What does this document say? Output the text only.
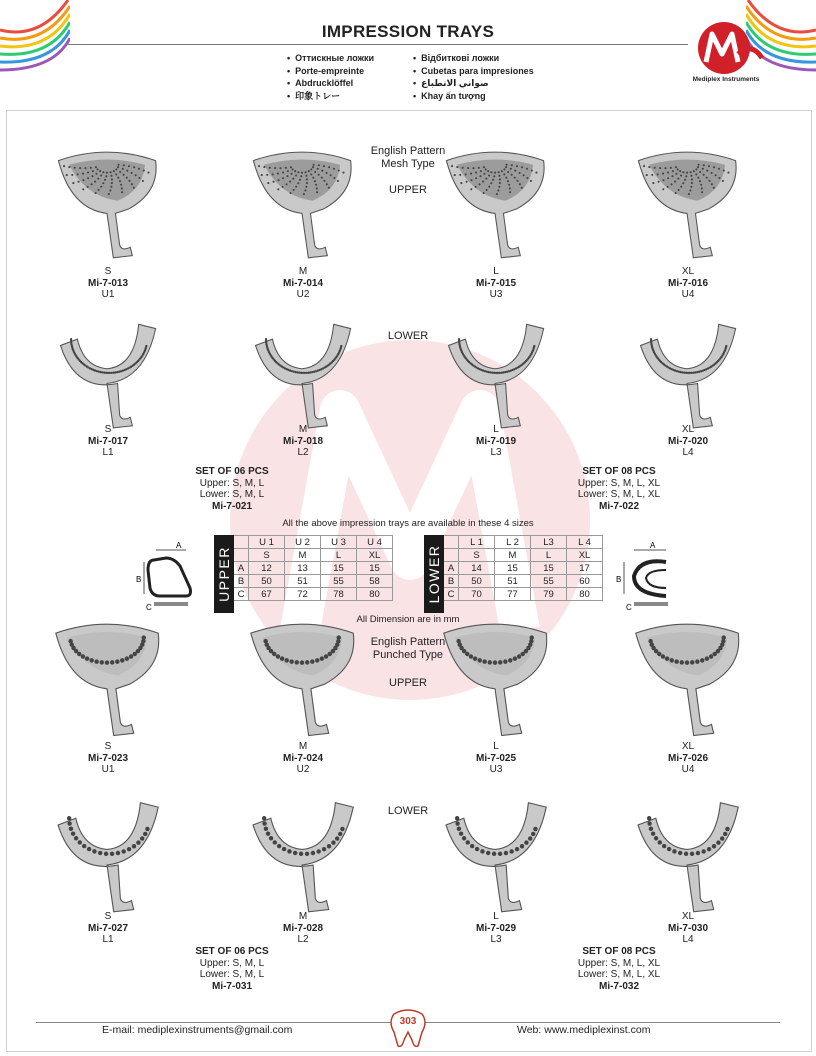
IMPRESSION TRAYS
• Оттискные ложки
• Porte-empreinte
• Abdrucklöffel
• 印象トレー
• Відбиткові ложки
• Cubetas para impresiones
• صواني الانطباع
• Khay ấn tượng
Mediplex Instruments
English Pattern
Mesh Type
UPPER
S
Mi-7-013
U1
M
Mi-7-014
U2
L
Mi-7-015
U3
XL
Mi-7-016
U4
LOWER
S
Mi-7-017
L1
M
Mi-7-018
L2
L
Mi-7-019
L3
XL
Mi-7-020
L4
SET OF 06 PCS
Upper: S, M, L
Lower: S, M, L
Mi-7-021
SET OF 08 PCS
Upper: S, M, L, XL
Lower: S, M, L, XL
Mi-7-022
All the above impression trays are available in these 4 sizes
A
B
C
UPPER
	U 1	U 2	U 3	U 4
	S	M	L	XL
A	12	13	15	15
B	50	51	55	58
C	67	72	78	80	LOWER
	L 1	L 2	L3	L 4
	S	M	L	XL
A	14	15	15	17
B	50	51	55	60
C	70	77	79	80
A
B
C
All Dimension are in mm
English Pattern
Punched Type
UPPER
S
Mi-7-023
U1
M
Mi-7-024
U2
L
Mi-7-025
U3
XL
Mi-7-026
U4
LOWER
S
Mi-7-027
L1
M
Mi-7-028
L2
L
Mi-7-029
L3
XL
Mi-7-030
L4
SET OF 06 PCS
Upper: S, M, L
Lower: S, M, L
Mi-7-031
SET OF 08 PCS
Upper: S, M, L, XL
Lower: S, M, L, XL
Mi-7-032
E-mail: mediplexinstruments@gmail.com
303
Web: www.mediplexinst.com
